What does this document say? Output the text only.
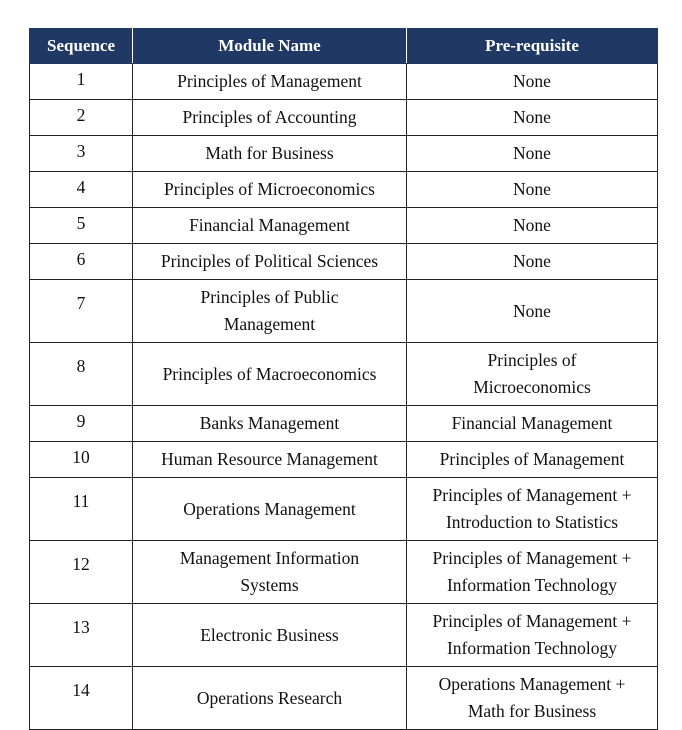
Sequence	Module Name	Pre-requisite
1	Principles of Management	None
2	Principles of Accounting	None
3	Math for Business	None
4	Principles of Microeconomics	None
5	Financial Management	None
6	Principles of Political Sciences	None
7	Principles of Public Management	None
8	Principles of Macroeconomics	Principles of Microeconomics
9	Banks Management	Financial Management
10	Human Resource Management	Principles of Management
11	Operations Management	Principles of Management + Introduction to Statistics
12	Management Information Systems	Principles of Management + Information Technology
13	Electronic Business	Principles of Management + Information Technology
14	Operations Research	Operations Management + Math for Business
